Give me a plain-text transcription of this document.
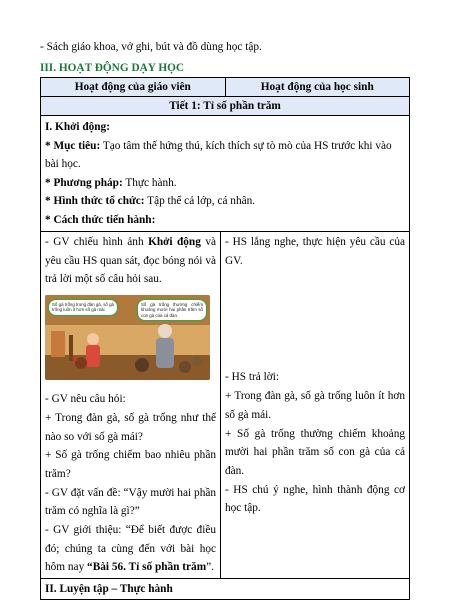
- Sách giáo khoa, vở ghi, bút và đồ dùng học tập.
III. HOẠT ĐỘNG DẠY HỌC
Hoạt động của giáo viên	Hoạt động của học sinh
Tiết 1: Tỉ số phần trăm
I. Khởi động:
* Mục tiêu: Tạo tâm thế hứng thú, kích thích sự tò mò của HS trước khi vào bài học.
* Phương pháp: Thực hành.
* Hình thức tổ chức: Tập thể cả lớp, cá nhân.
* Cách thức tiến hành:
- GV chiếu hình ảnh Khởi động và yêu cầu HS quan sát, đọc bóng nói và trả lời một số câu hỏi sau.
Số gà trống trong đàn gà, số gà trống luôn ít hơn số gà mái.
Số gà trống thường chiếm khoảng mười hai phần trăm số con gà của cả đàn.
- GV nêu câu hỏi:
+ Trong đàn gà, số gà trống như thế nào so với số gà mái?
+ Số gà trống chiếm bao nhiêu phần trăm?
- GV đặt vấn đề: “Vậy mười hai phần trăm có nghĩa là gì?”
- GV giới thiệu: “Để biết được điều đó; chúng ta cùng đến với bài học hôm nay “Bài 56. Tỉ số phần trăm”.
- HS lắng nghe, thực hiện yêu cầu của GV.
- HS trả lời:
+ Trong đàn gà, số gà trống luôn ít hơn số gà mái.
+ Số gà trống thường chiếm khoảng mười hai phần trăm số con gà của cả đàn.
- HS chú ý nghe, hình thành động cơ học tập.
II. Luyện tập – Thực hành
